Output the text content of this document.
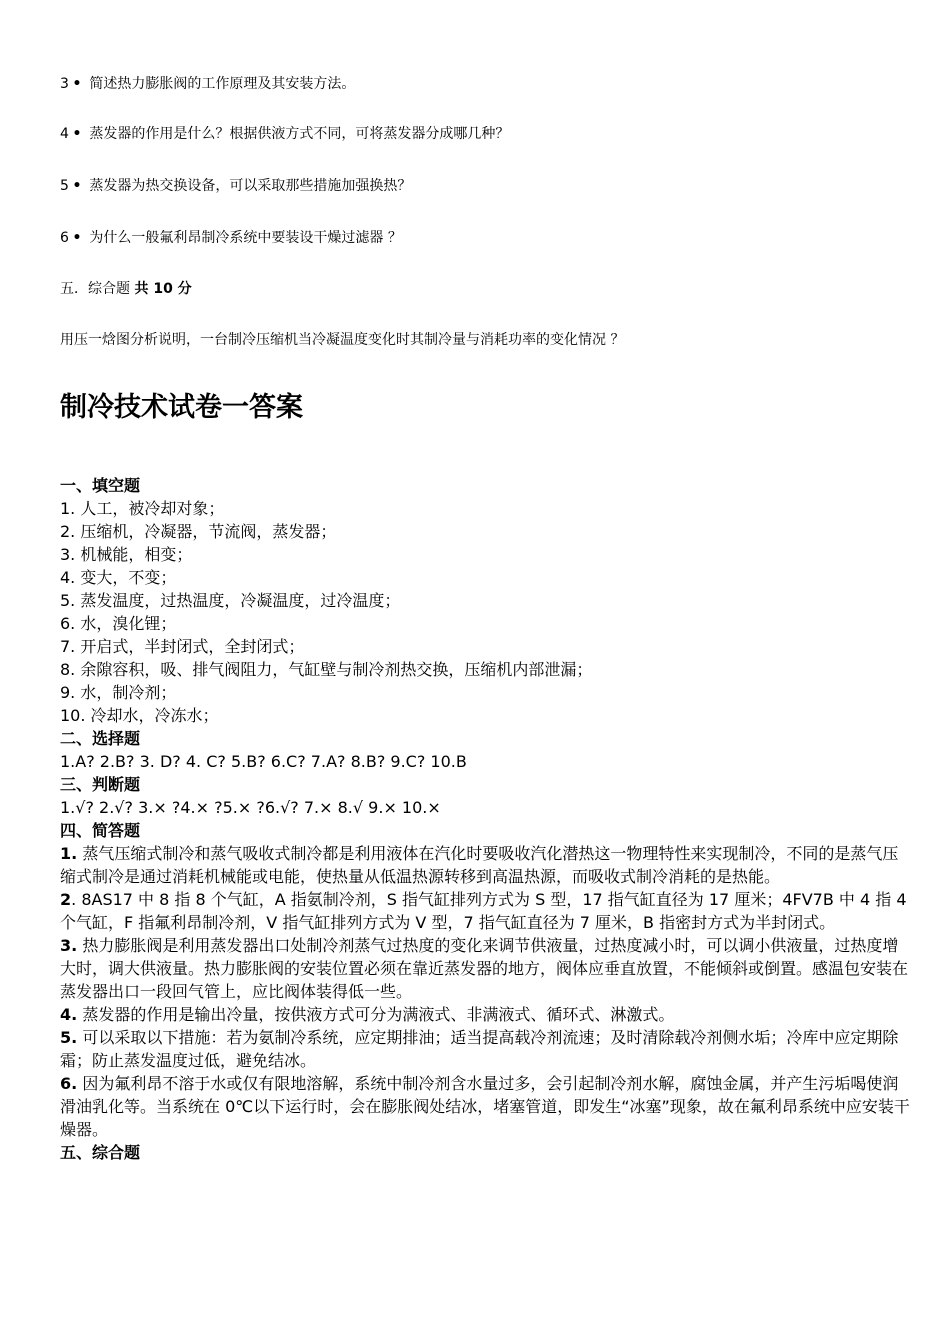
3 • 简述热力膨胀阀的工作原理及其安装方法。
4 • 蒸发器的作用是什么？根据供液方式不同，可将蒸发器分成哪几种？
5 • 蒸发器为热交换设备，可以采取那些措施加强换热？
6 • 为什么一般氟利昂制冷系统中要装设干燥过滤器 ？
五．综合题 共 10 分
用压一焓图分析说明，一台制冷压缩机当冷凝温度变化时其制冷量与消耗功率的变化情况 ？
制冷技术试卷一答案
一、填空题
1. 人工，被冷却对象；
2. 压缩机，冷凝器，节流阀，蒸发器；
3. 机械能，相变；
4. 变大，不变；
5. 蒸发温度，过热温度，冷凝温度，过冷温度；
6. 水，溴化锂；
7. 开启式，半封闭式，全封闭式；
8. 余隙容积，吸、排气阀阻力，气缸壁与制冷剂热交换，压缩机内部泄漏；
9. 水，制冷剂；
10. 冷却水，冷冻水；
二、选择题
1.A? 2.B? 3. D? 4. C? 5.B? 6.C? 7.A? 8.B? 9.C? 10.B
三、判断题
1.√? 2.√? 3.× ?4.× ?5.× ?6.√? 7.× 8.√ 9.× 10.×
四、简答题
1. 蒸气压缩式制冷和蒸气吸收式制冷都是利用液体在汽化时要吸收汽化潜热这一物理特性来实现制冷，不同的是蒸气压缩式制冷是通过消耗机械能或电能，使热量从低温热源转移到高温热源，而吸收式制冷消耗的是热能。
2. 8AS17 中 8 指 8 个气缸，A 指氨制冷剂，S 指气缸排列方式为 S 型，17 指气缸直径为 17 厘米；4FV7B 中 4 指 4 个气缸，F 指氟利昂制冷剂，V 指气缸排列方式为 V 型，7 指气缸直径为 7 厘米，B 指密封方式为半封闭式。
3. 热力膨胀阀是利用蒸发器出口处制冷剂蒸气过热度的变化来调节供液量，过热度减小时，可以调小供液量，过热度增大时，调大供液量。热力膨胀阀的安装位置必须在靠近蒸发器的地方，阀体应垂直放置，不能倾斜或倒置。感温包安装在蒸发器出口一段回气管上，应比阀体装得低一些。
4. 蒸发器的作用是输出冷量，按供液方式可分为满液式、非满液式、循环式、淋激式。
5. 可以采取以下措施：若为氨制冷系统，应定期排油；适当提高载冷剂流速；及时清除载冷剂侧水垢；冷库中应定期除霜；防止蒸发温度过低，避免结冰。
6. 因为氟利昂不溶于水或仅有限地溶解，系统中制冷剂含水量过多，会引起制冷剂水解，腐蚀金属，并产生污垢喝使润滑油乳化等。当系统在 0℃以下运行时，会在膨胀阀处结冰，堵塞管道，即发生“冰塞”现象，故在氟利昂系统中应安装干燥器。
五、综合题
